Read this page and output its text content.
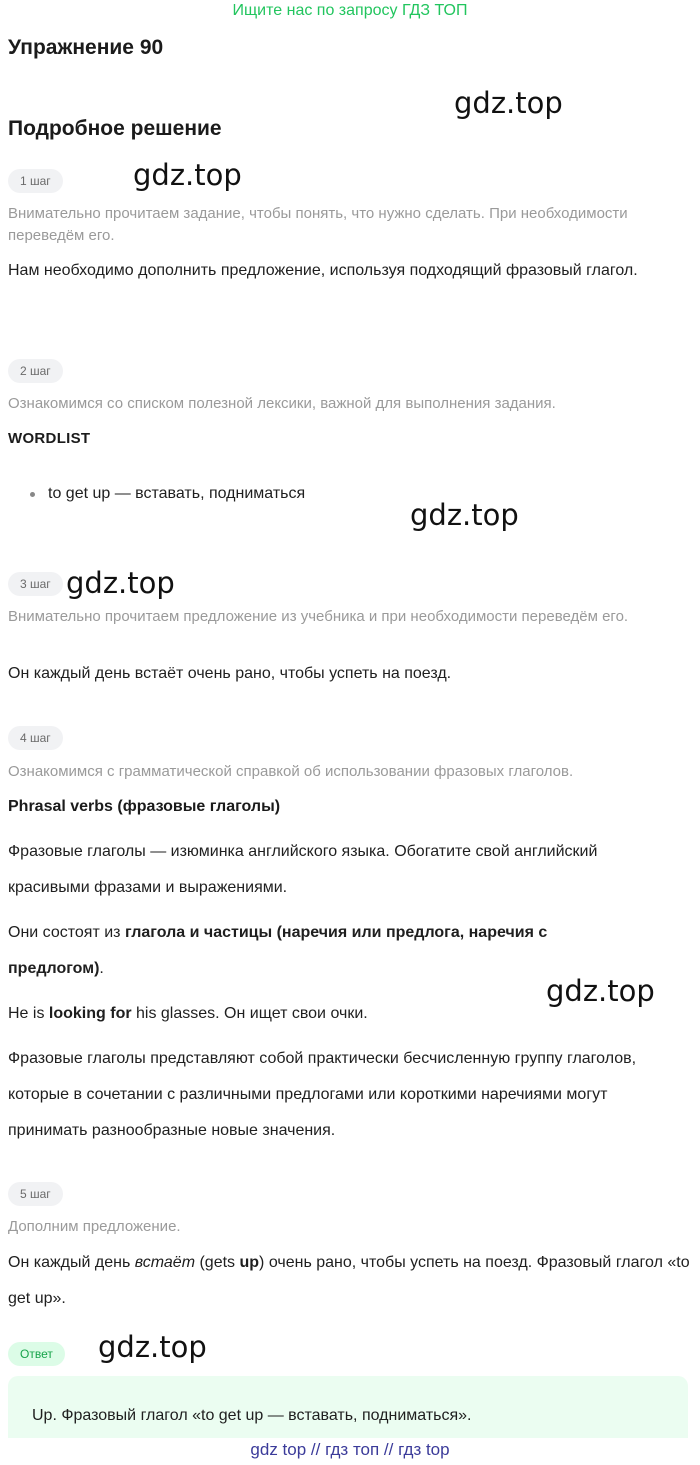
Ищите нас по запросу ГДЗ ТОП
Упражнение 90
gdz.top
Подробное решение
1 шаг	gdz.top
Внимательно прочитаем задание, чтобы понять, что нужно сделать. При необходимости переведём его.
Нам необходимо дополнить предложение, используя подходящий фразовый глагол.
2 шаг
Ознакомимся со списком полезной лексики, важной для выполнения задания.
WORDLIST
to get up — вставать, подниматься
gdz.top
3 шаг gdz.top
Внимательно прочитаем предложение из учебника и при необходимости переведём его.
Он каждый день встаёт очень рано, чтобы успеть на поезд.
4 шаг
Ознакомимся с грамматической справкой об использовании фразовых глаголов.
Phrasal verbs (фразовые глаголы)
Фразовые глаголы — изюминка английского языка. Обогатите свой английский красивыми фразами и выражениями.
Они состоят из глагола и частицы (наречия или предлога, наречия с предлогом).
gdz.top
He is looking for his glasses. Он ищет свои очки.
Фразовые глаголы представляют собой практически бесчисленную группу глаголов, которые в сочетании с различными предлогами или короткими наречиями могут принимать разнообразные новые значения.
5 шаг
Дополним предложение.
Он каждый день встаёт (gets up) очень рано, чтобы успеть на поезд. Фразовый глагол «to get up».
Ответ	gdz.top
Up. Фразовый глагол «to get up — вставать, подниматься».
gdz top // гдз топ // гдз top
